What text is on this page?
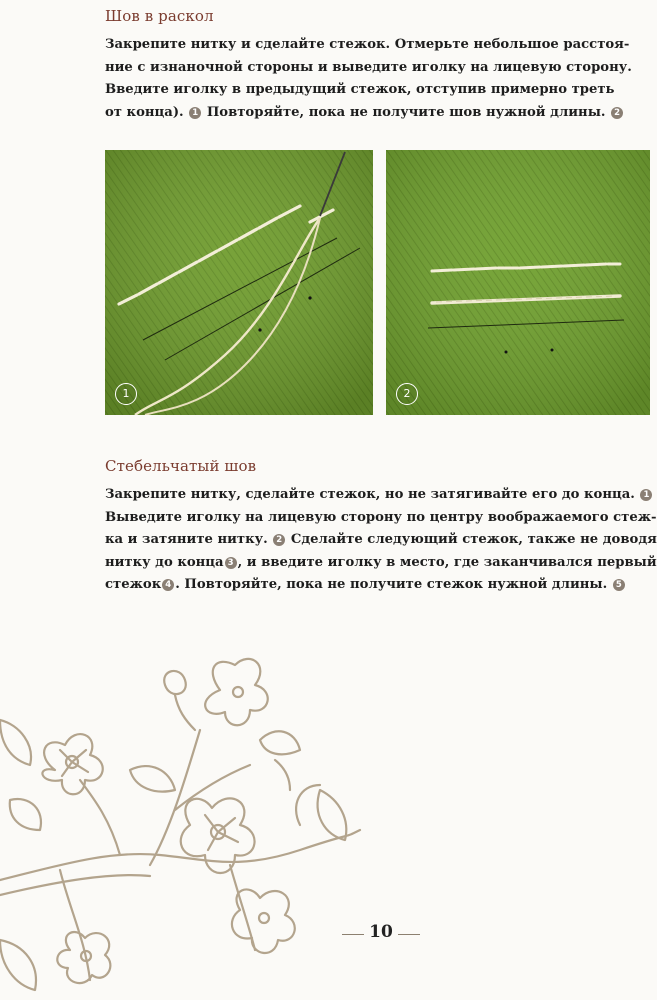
Шов в раскол
Закрепите нитку и сделайте стежок. Отмерьте небольшое расстоя-
ние с изнаночной стороны и выведите иголку на лицевую сторону.
Введите иголку в предыдущий стежок, отступив примерно треть
от конца). 1 Повторяйте, пока не получите шов нужной длины. 2
1	2
Стебельчатый шов
Закрепите нитку, сделайте стежок, но не затягивайте его до конца. 1
Выведите иголку на лицевую сторону по центру воображаемого стеж-
ка и затяните нитку. 2 Сделайте следующий стежок, также не доводя
нитку до конца 3 , и введите иголку в место, где заканчивался первый
стежок 4 . Повторяйте, пока не получите стежок нужной длины. 5
10
